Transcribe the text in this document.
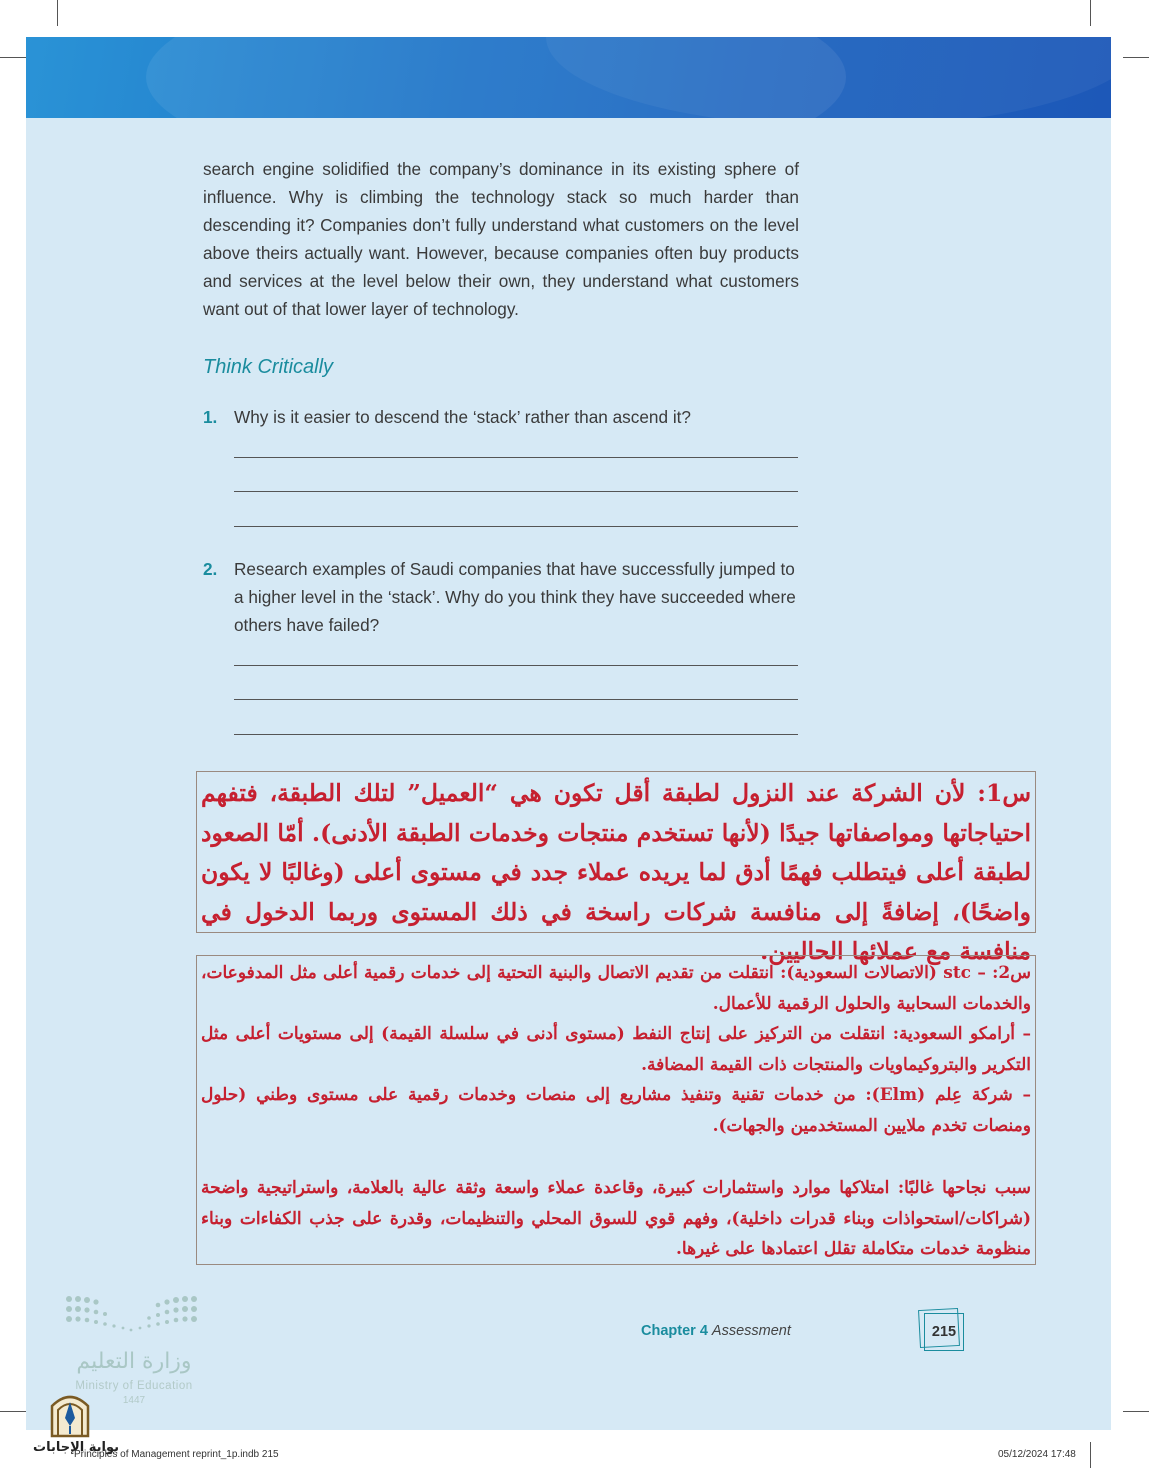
search engine solidified the company’s dominance in its existing sphere of influence. Why is climbing the technology stack so much harder than descending it? Companies don’t fully understand what customers on the level above theirs actually want. However, because companies often buy products and services at the level below their own, they understand what customers want out of that lower layer of technology.

Think Critically
1. Why is it easier to descend the ‘stack’ rather than ascend it?
2. Research examples of Saudi companies that have successfully jumped to a higher level in the ‘stack’. Why do you think they have succeeded where others have failed?
س1: لأن الشركة عند النزول لطبقة أقل تكون هي “العميل” لتلك الطبقة، فتفهم احتياجاتها ومواصفاتها جيدًا (لأنها تستخدم منتجات وخدمات الطبقة الأدنى). أمّا الصعود لطبقة أعلى فيتطلب فهمًا أدق لما يريده عملاء جدد في مستوى أعلى (وغالبًا لا يكون واضحًا)، إضافةً إلى منافسة شركات راسخة في ذلك المستوى وربما الدخول في منافسة مع عملائها الحاليين.

س2: – stc (الاتصالات السعودية): انتقلت من تقديم الاتصال والبنية التحتية إلى خدمات رقمية أعلى مثل المدفوعات، والخدمات السحابية والحلول الرقمية للأعمال.

– أرامكو السعودية: انتقلت من التركيز على إنتاج النفط (مستوى أدنى في سلسلة القيمة) إلى مستويات أعلى مثل التكرير والبتروكيماويات والمنتجات ذات القيمة المضافة.

– شركة عِلم (Elm): من خدمات تقنية وتنفيذ مشاريع إلى منصات وخدمات رقمية على مستوى وطني (حلول ومنصات تخدم ملايين المستخدمين والجهات).

سبب نجاحها غالبًا: امتلاكها موارد واستثمارات كبيرة، وقاعدة عملاء واسعة وثقة عالية بالعلامة، واستراتيجية واضحة (شراكات/استحواذات وبناء قدرات داخلية)، وفهم قوي للسوق المحلي والتنظيمات، وقدرة على جذب الكفاءات وبناء منظومة خدمات متكاملة تقلل اعتمادها على غيرها.

وزارة التعليم
Ministry of Education
1447
Chapter 4 Assessment	215
بوابة الإجابات
Principles of Management reprint_1p.indb 215	05/12/2024 17:48
